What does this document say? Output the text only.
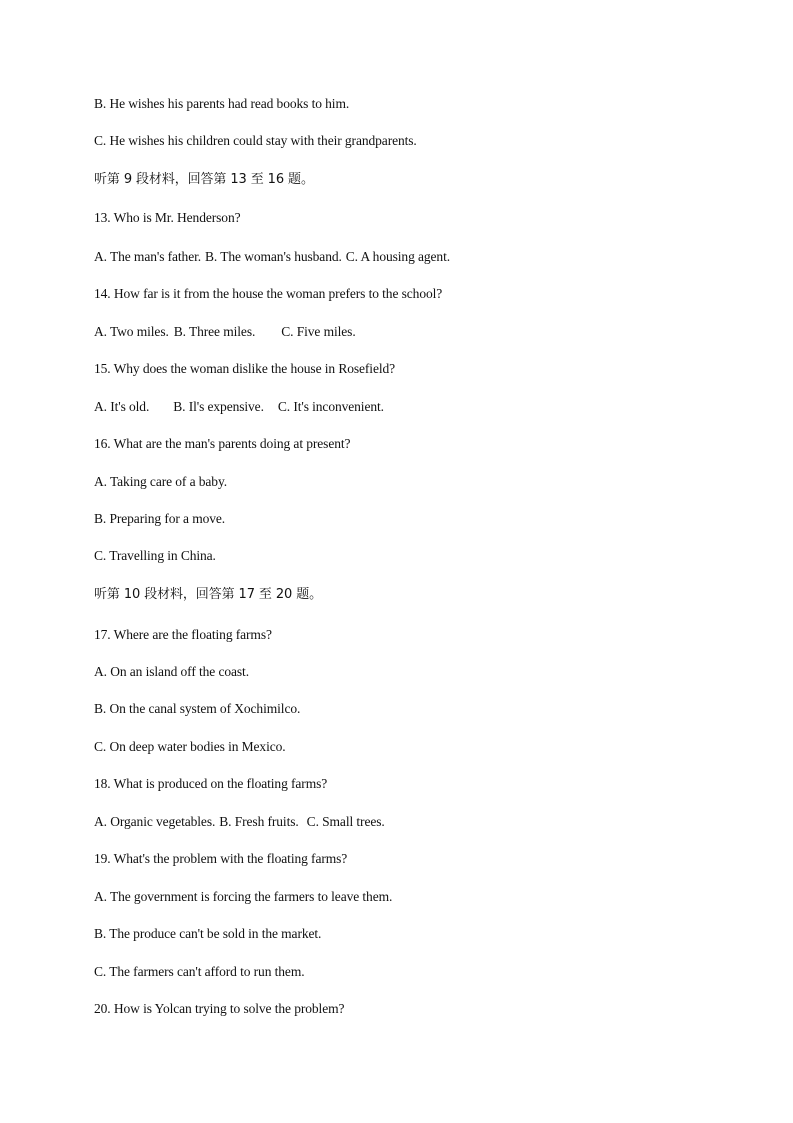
B. He wishes his parents had read books to him.
C. He wishes his children could stay with their grandparents.
听第 9 段材料，回答第 13 至 16 题。
13. Who is Mr. Henderson?
A. The man's father. B. The woman's husband. C. A housing agent.
14. How far is it from the house the woman prefers to the school?
A. Two miles. B. Three miles. C. Five miles.
15. Why does the woman dislike the house in Rosefield?
A. It's old. B. Il's expensive. C. It's inconvenient.
16. What are the man's parents doing at present?
A. Taking care of a baby.
B. Preparing for a move.
C. Travelling in China.
听第 10 段材料，回答第 17 至 20 题。
17. Where are the floating farms?
A. On an island off the coast.
B. On the canal system of Xochimilco.
C. On deep water bodies in Mexico.
18. What is produced on the floating farms?
A. Organic vegetables. B. Fresh fruits. C. Small trees.
19. What's the problem with the floating farms?
A. The government is forcing the farmers to leave them.
B. The produce can't be sold in the market.
C. The farmers can't afford to run them.
20. How is Yolcan trying to solve the problem?
